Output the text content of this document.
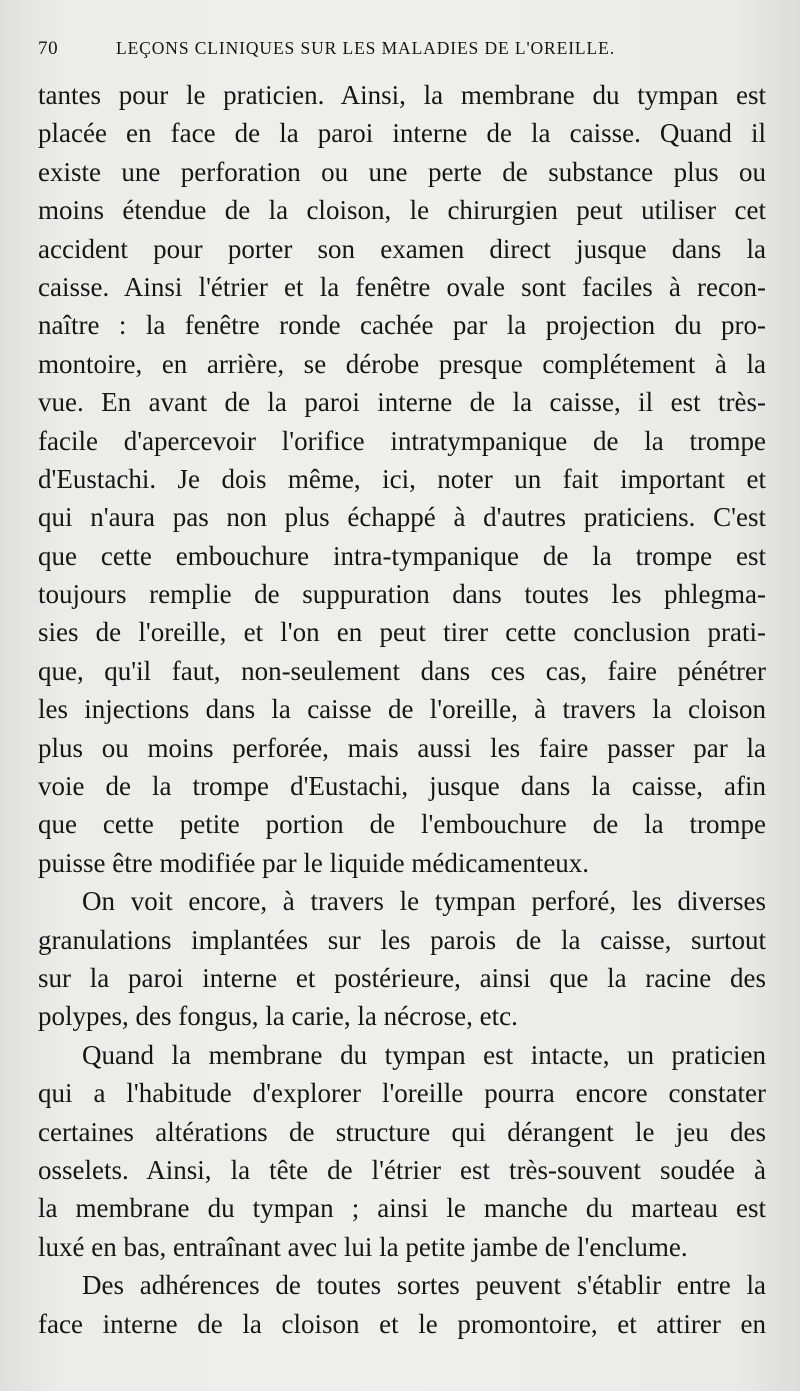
70	LEÇONS CLINIQUES SUR LES MALADIES DE L'OREILLE.
tantes pour le praticien. Ainsi, la membrane du tympan est
placée en face de la paroi interne de la caisse. Quand il
existe une perforation ou une perte de substance plus ou
moins étendue de la cloison, le chirurgien peut utiliser cet
accident pour porter son examen direct jusque dans la
caisse. Ainsi l'étrier et la fenêtre ovale sont faciles à recon-
naître : la fenêtre ronde cachée par la projection du pro-
montoire, en arrière, se dérobe presque complétement à la
vue. En avant de la paroi interne de la caisse, il est très-
facile d'apercevoir l'orifice intratympanique de la trompe
d'Eustachi. Je dois même, ici, noter un fait important et
qui n'aura pas non plus échappé à d'autres praticiens. C'est
que cette embouchure intra-tympanique de la trompe est
toujours remplie de suppuration dans toutes les phlegma-
sies de l'oreille, et l'on en peut tirer cette conclusion prati-
que, qu'il faut, non-seulement dans ces cas, faire pénétrer
les injections dans la caisse de l'oreille, à travers la cloison
plus ou moins perforée, mais aussi les faire passer par la
voie de la trompe d'Eustachi, jusque dans la caisse, afin
que cette petite portion de l'embouchure de la trompe
puisse être modifiée par le liquide médicamenteux.
On voit encore, à travers le tympan perforé, les diverses
granulations implantées sur les parois de la caisse, surtout
sur la paroi interne et postérieure, ainsi que la racine des
polypes, des fongus, la carie, la nécrose, etc.
Quand la membrane du tympan est intacte, un praticien
qui a l'habitude d'explorer l'oreille pourra encore constater
certaines altérations de structure qui dérangent le jeu des
osselets. Ainsi, la tête de l'étrier est très-souvent soudée à
la membrane du tympan ; ainsi le manche du marteau est
luxé en bas, entraînant avec lui la petite jambe de l'enclume.
Des adhérences de toutes sortes peuvent s'établir entre la
face interne de la cloison et le promontoire, et attirer en
